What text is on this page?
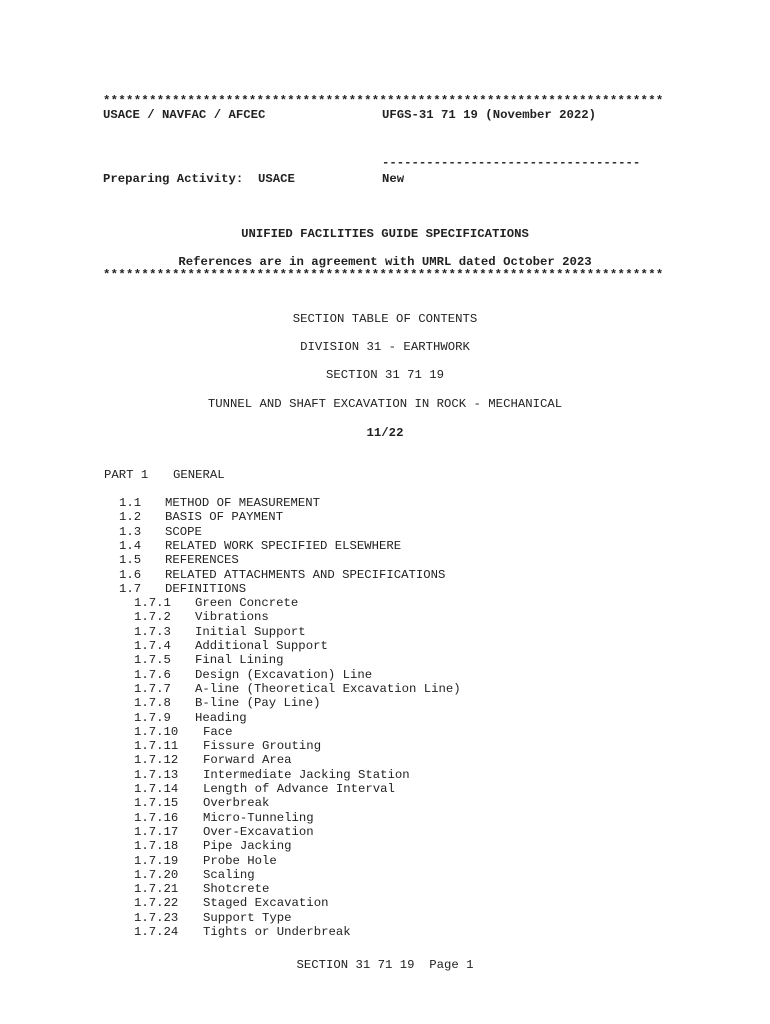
*************************************************************************
USACE / NAVFAC / AFCEC	UFGS-31 71 19 (November 2022)
-----------------------------------
Preparing Activity:  USACE	New
UNIFIED FACILITIES GUIDE SPECIFICATIONS
References are in agreement with UMRL dated October 2023
*************************************************************************
SECTION TABLE OF CONTENTS
DIVISION 31 - EARTHWORK
SECTION 31 71 19
TUNNEL AND SHAFT EXCAVATION IN ROCK - MECHANICAL
11/22
PART 1 GENERAL
1.1 METHOD OF MEASUREMENT
1.2 BASIS OF PAYMENT
1.3 SCOPE
1.4 RELATED WORK SPECIFIED ELSEWHERE
1.5 REFERENCES
1.6 RELATED ATTACHMENTS AND SPECIFICATIONS
1.7 DEFINITIONS
1.7.1 Green Concrete
1.7.2 Vibrations
1.7.3 Initial Support
1.7.4 Additional Support
1.7.5 Final Lining
1.7.6 Design (Excavation) Line
1.7.7 A-line (Theoretical Excavation Line)
1.7.8 B-line (Pay Line)
1.7.9 Heading
1.7.10 Face
1.7.11 Fissure Grouting
1.7.12 Forward Area
1.7.13 Intermediate Jacking Station
1.7.14 Length of Advance Interval
1.7.15 Overbreak
1.7.16 Micro-Tunneling
1.7.17 Over-Excavation
1.7.18 Pipe Jacking
1.7.19 Probe Hole
1.7.20 Scaling
1.7.21 Shotcrete
1.7.22 Staged Excavation
1.7.23 Support Type
1.7.24 Tights or Underbreak
SECTION 31 71 19  Page 1
